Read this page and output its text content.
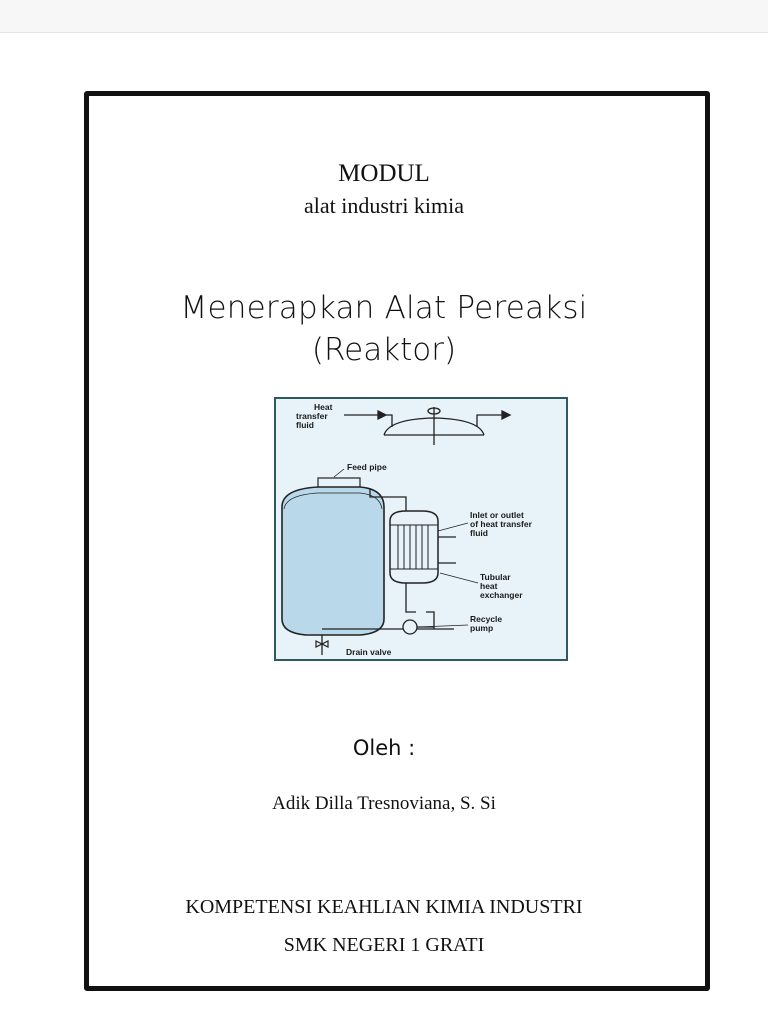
MODUL
alat industri kimia
Menerapkan Alat Pereaksi
(Reaktor)
Heat
transfer
fluid
Feed pipe
Inlet or outlet
of heat transfer
fluid
Tubular
heat
exchanger
Recycle
pump
Drain valve
Oleh :
Adik Dilla Tresnoviana, S. Si
KOMPETENSI KEAHLIAN KIMIA INDUSTRI
SMK NEGERI 1 GRATI
